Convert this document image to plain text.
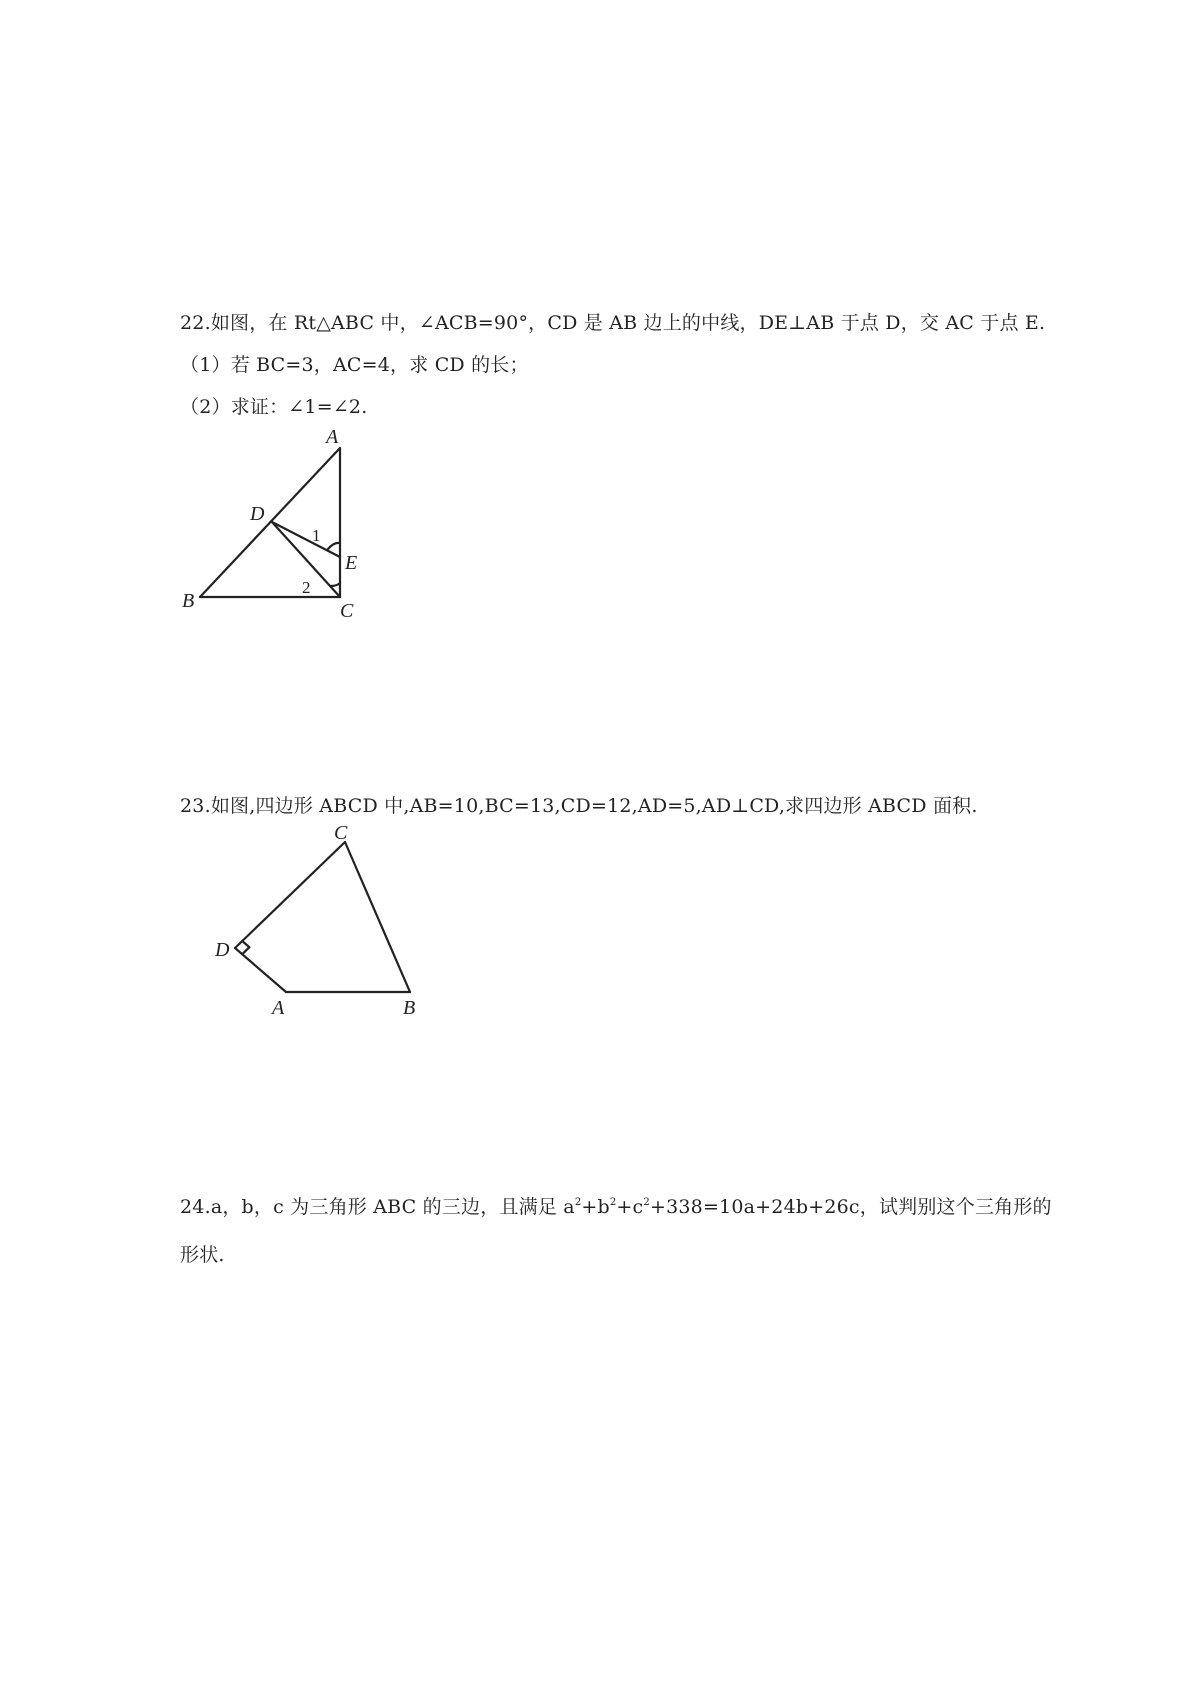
22.如图，在 Rt△ABC 中，∠ACB=90°，CD 是 AB 边上的中线，DE⊥AB 于点 D，交 AC 于点 E.
（1）若 BC=3，AC=4，求 CD 的长；
（2）求证：∠1=∠2.
A
B	C
D
E
1
2
23.如图,四边形 ABCD 中,AB=10,BC=13,CD=12,AD=5,AD⊥CD,求四边形 ABCD 面积.
C
D
A	B
24.a，b，c 为三角形 ABC 的三边，且满足 $a^2+b^2+c^2+338=10a+24b+26c$，试判别这个三角形的
形状.
